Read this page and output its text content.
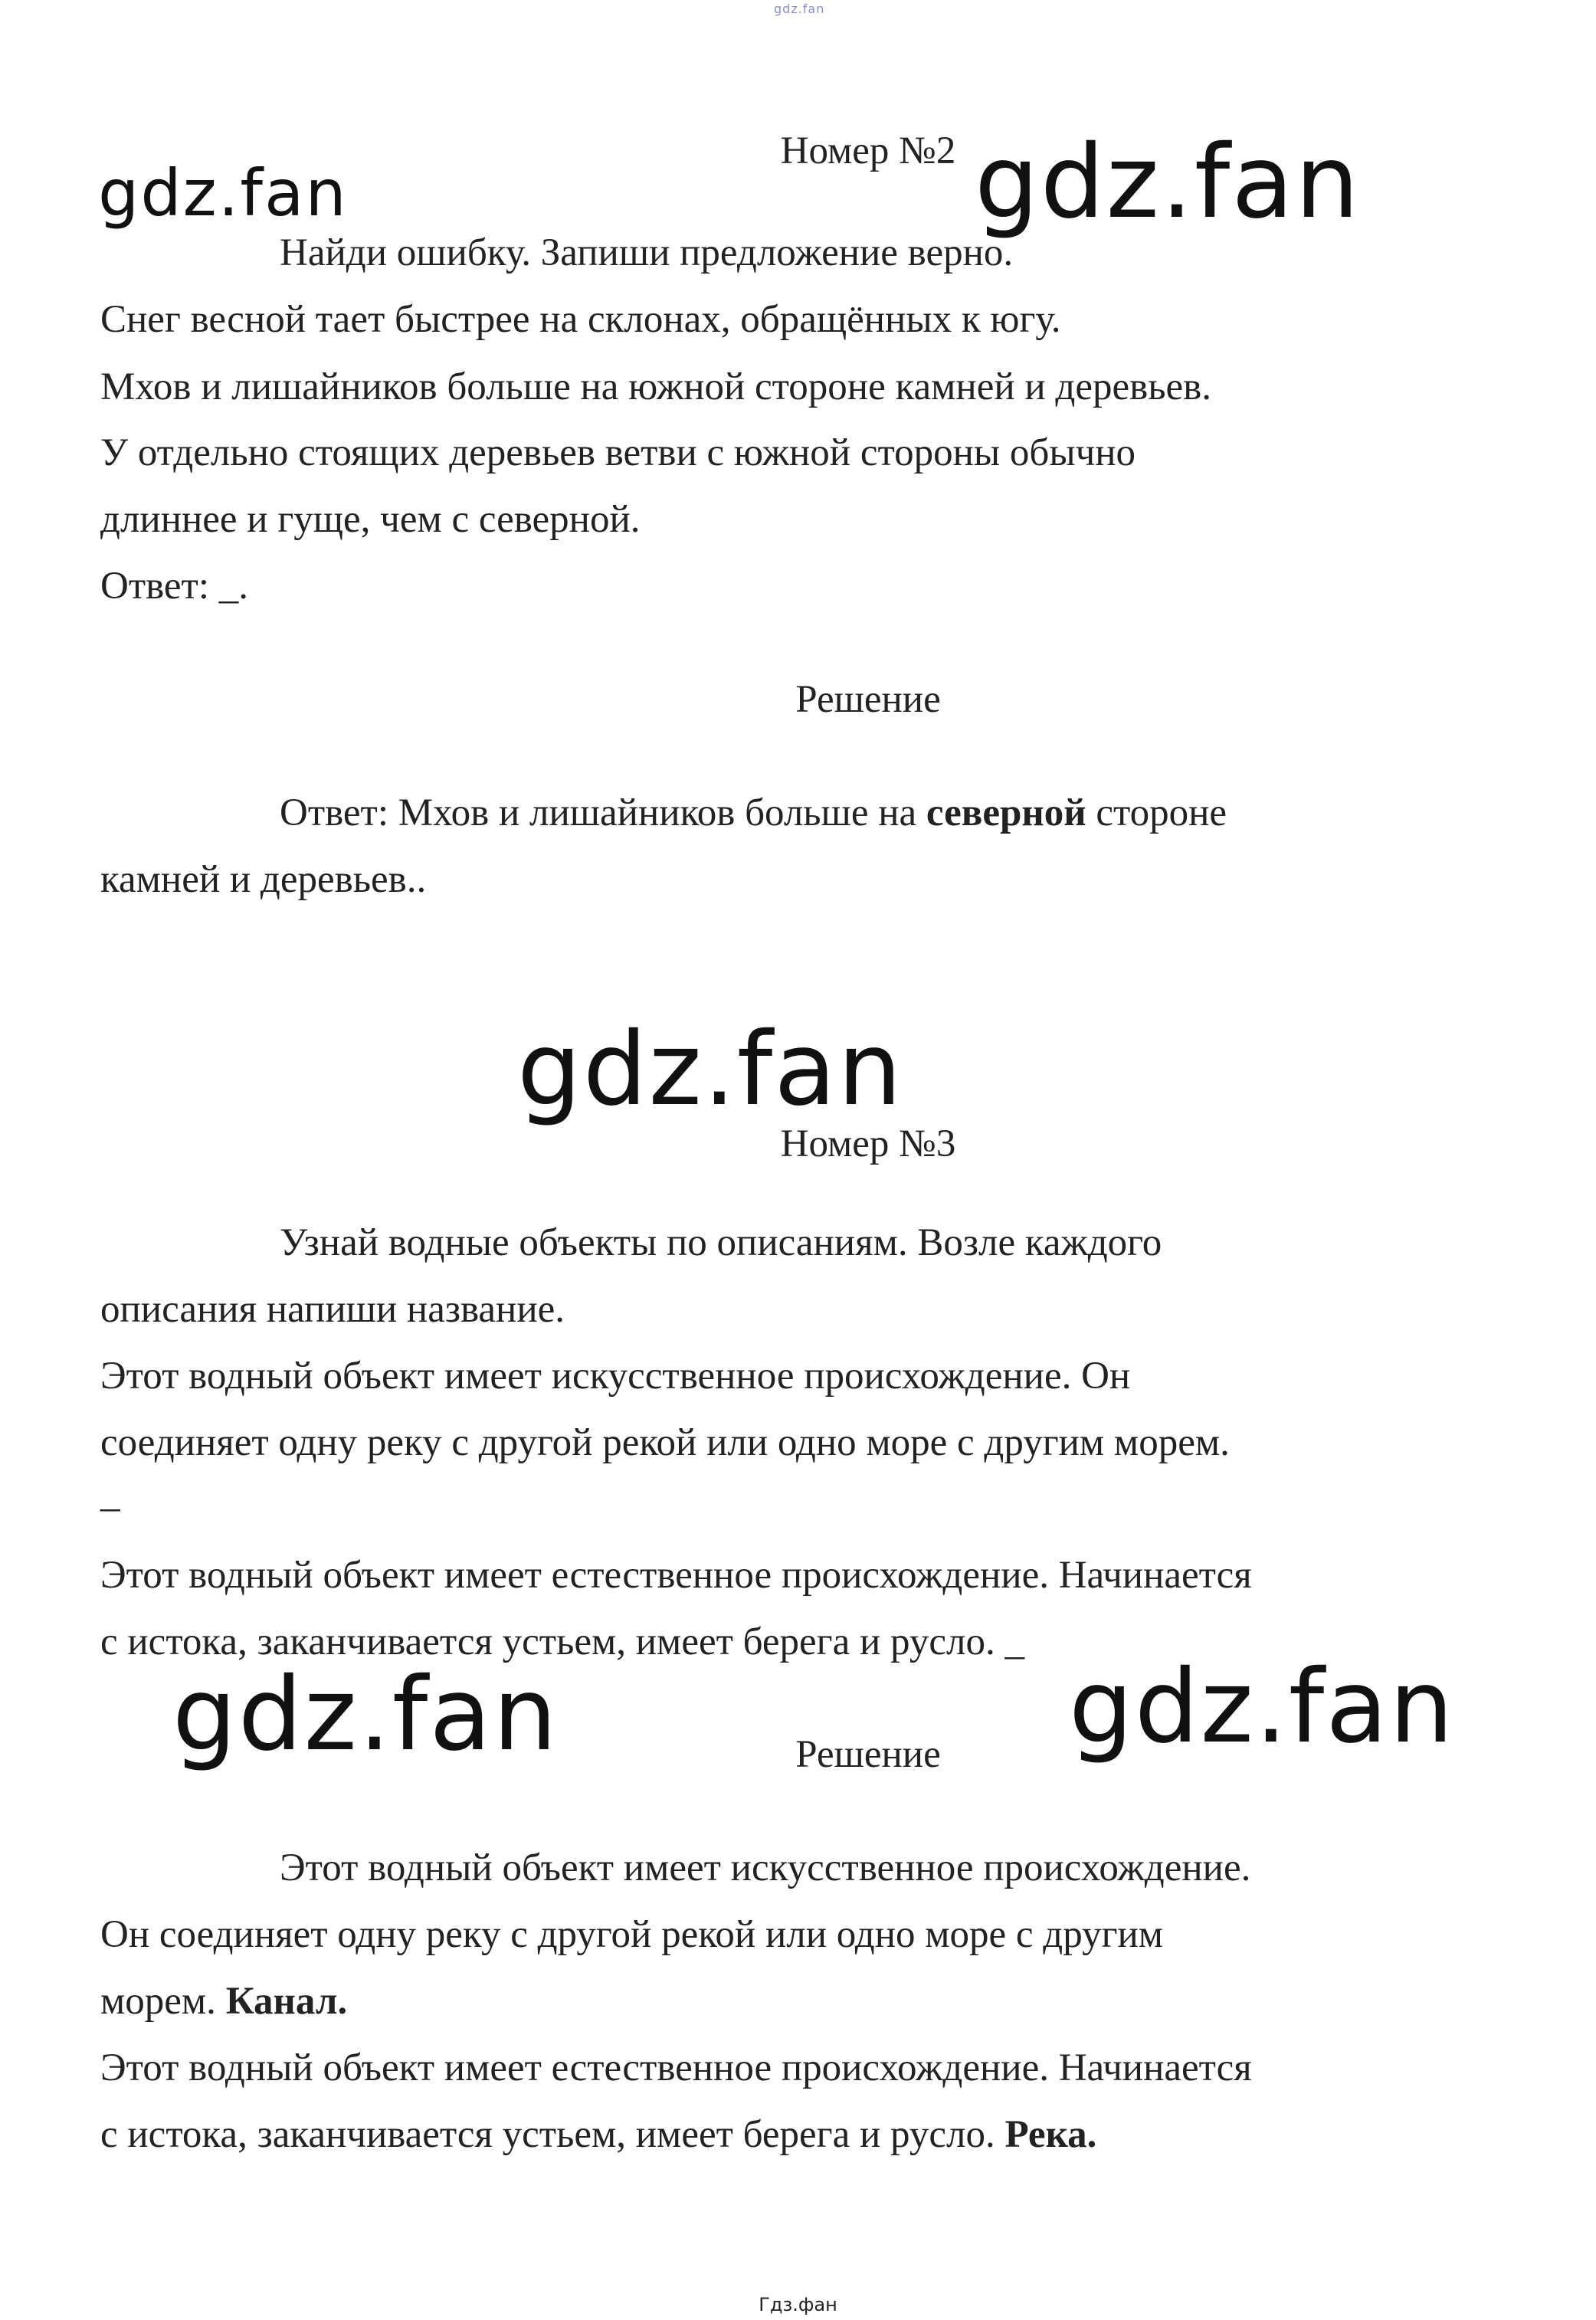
gdz.fan
Номер №2
gdz.fan	gdz.fan
Найди ошибку. Запиши предложение верно.
Снег весной тает быстрее на склонах, обращённых к югу.
Мхов и лишайников больше на южной стороне камней и деревьев.
У отдельно стоящих деревьев ветви с южной стороны обычно
длиннее и гуще, чем с северной.
Ответ: _.
Решение
Ответ: Мхов и лишайников больше на северной стороне
камней и деревьев..
gdz.fan
Номер №3
Узнай водные объекты по описаниям. Возле каждого
описания напиши название.
Этот водный объект имеет искусственное происхождение. Он
соединяет одну реку с другой рекой или одно море с другим морем.
_
Этот водный объект имеет естественное происхождение. Начинается
с истока, заканчивается устьем, имеет берега и русло. _
gdz.fan	gdz.fan
Решение
Этот водный объект имеет искусственное происхождение.
Он соединяет одну реку с другой рекой или одно море с другим
морем. Канал.
Этот водный объект имеет естественное происхождение. Начинается
с истока, заканчивается устьем, имеет берега и русло. Река.
Гдз.фан
